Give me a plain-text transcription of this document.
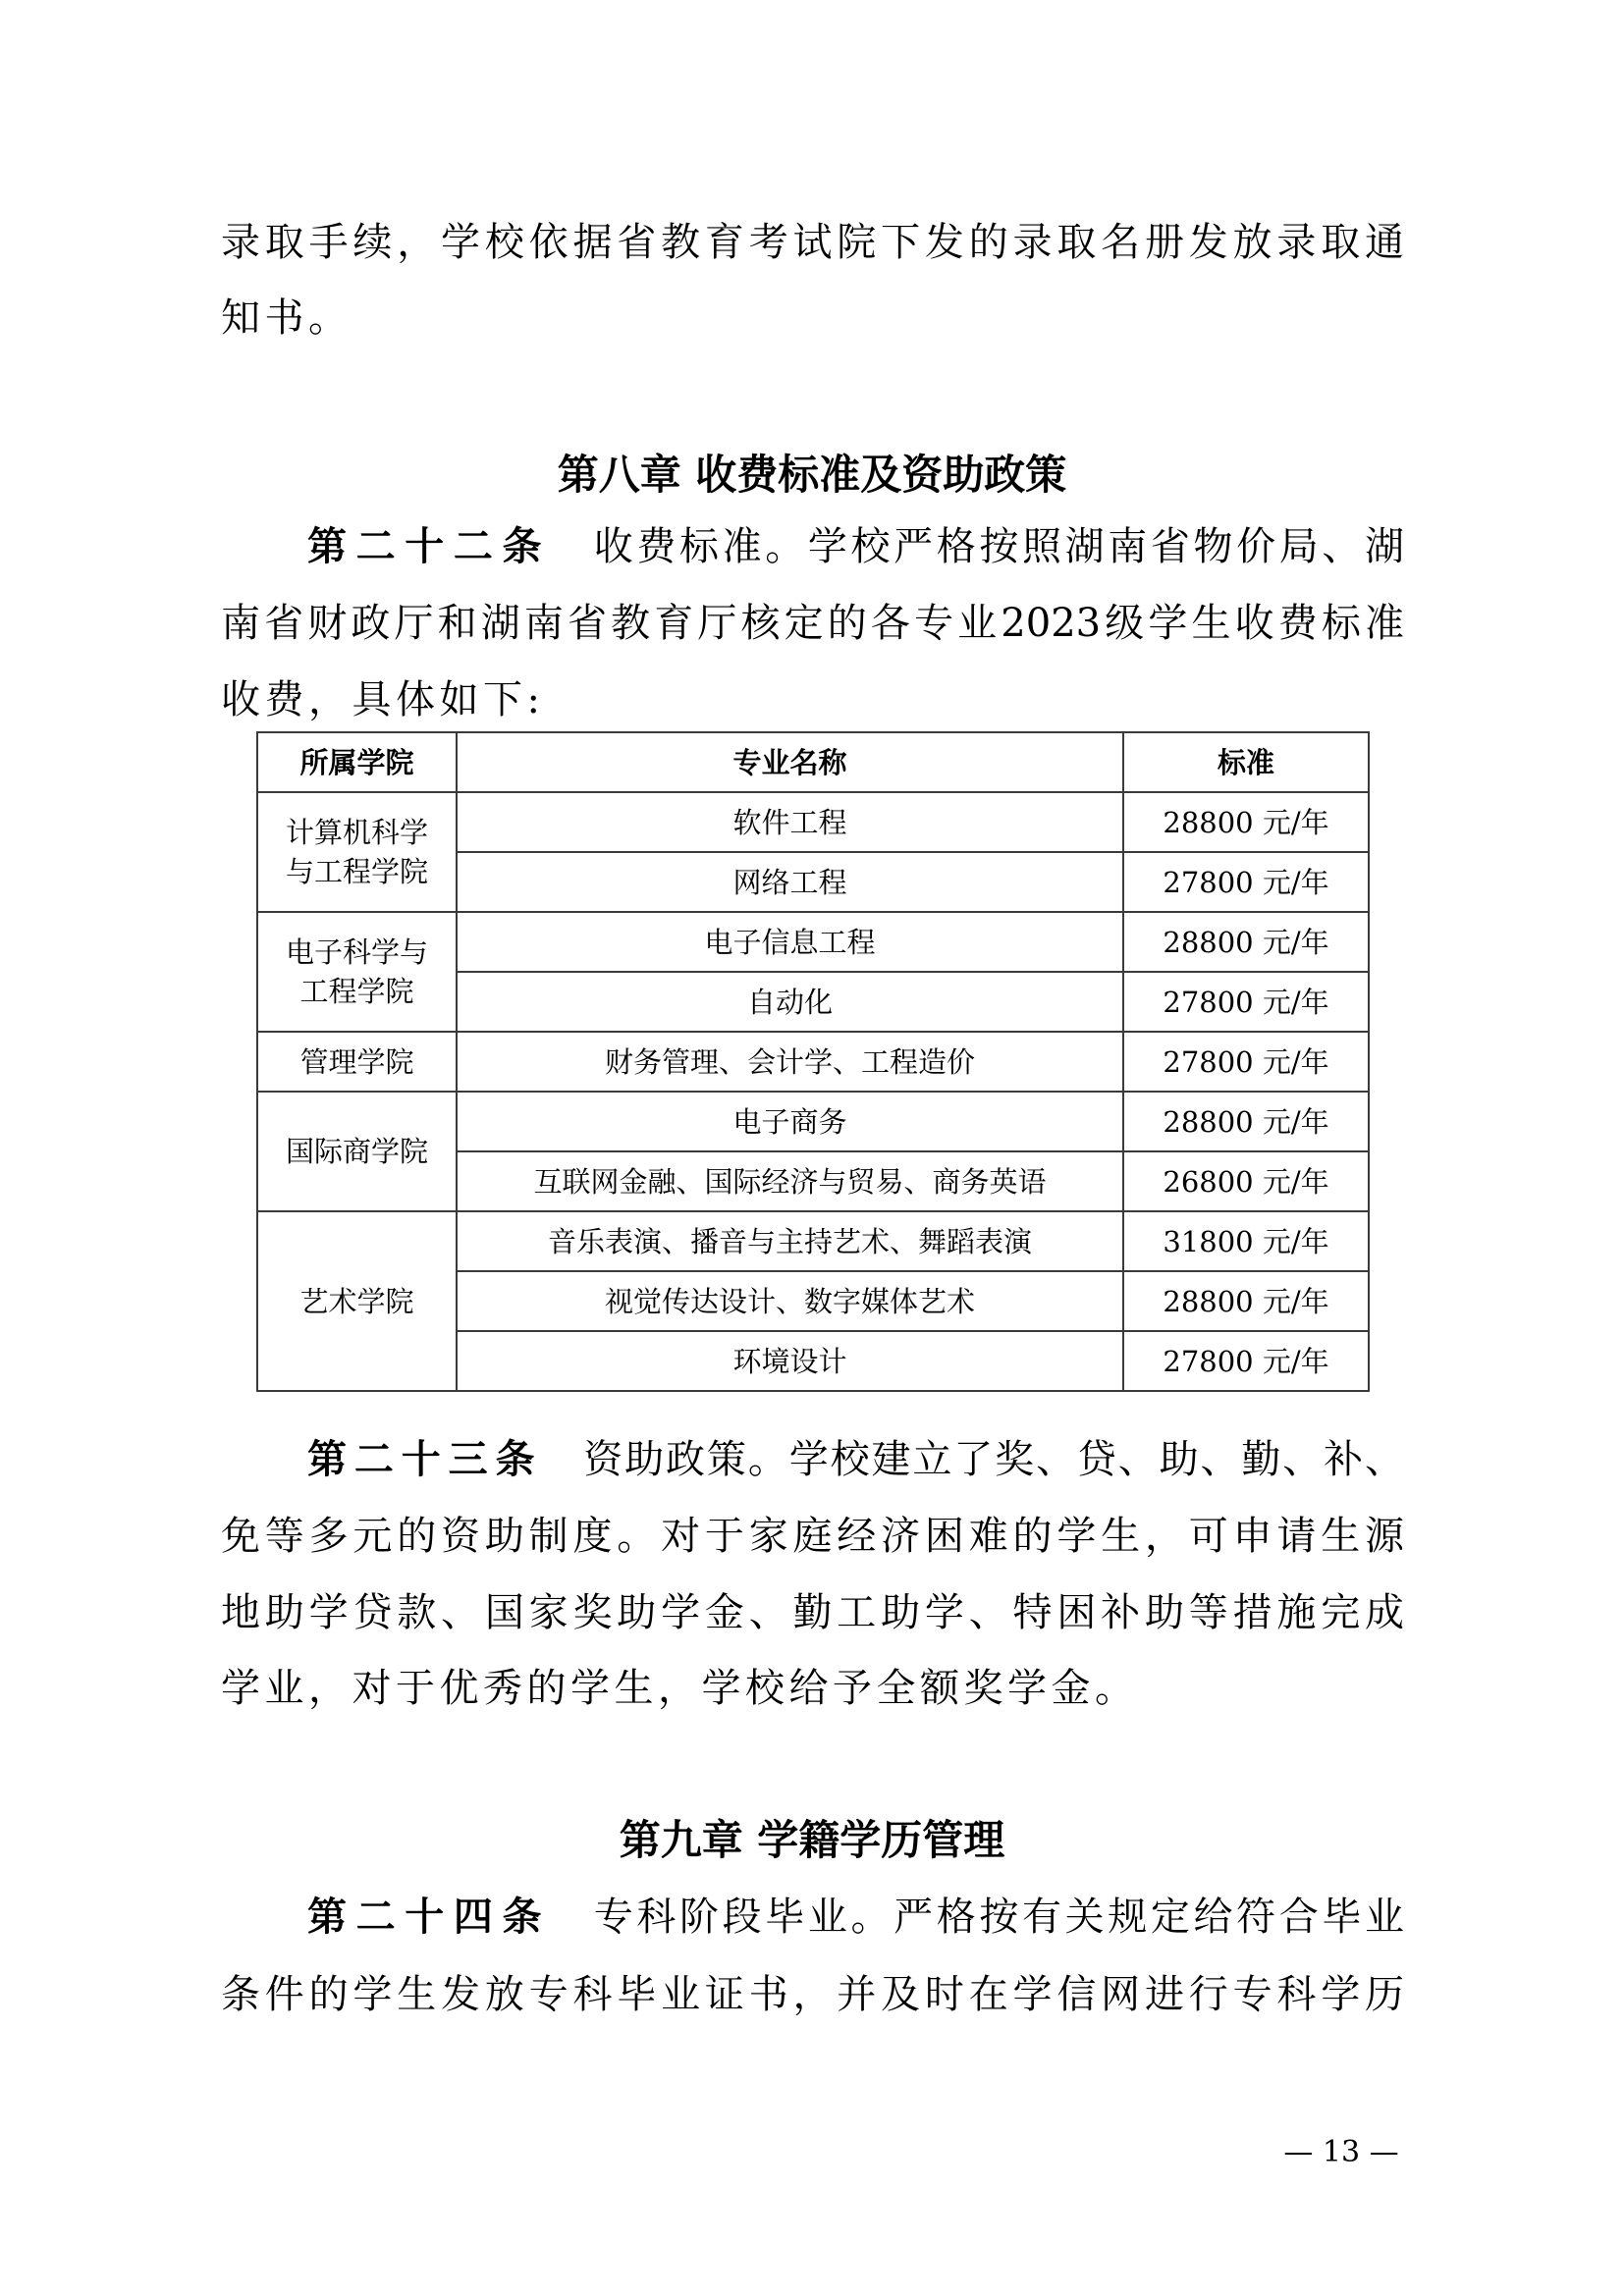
录取手续，学校依据省教育考试院下发的录取名册发放录取通
知书。
第八章 收费标准及资助政策
第二十二条　 收费标准。学校严格按照湖南省物价局、湖
南省财政厅和湖南省教育厅核定的各专业2023级学生收费标准
收费，具体如下:
所属学院	专业名称	标准

计算机科学
与工程学院	软件工程	28800 元/年
	网络工程	27800 元/年

电子科学与
工程学院	电子信息工程	28800 元/年
	自动化	27800 元/年
管理学院	财务管理、会计学、工程造价	27800 元/年
国际商学院	电子商务	28800 元/年
	互联网金融、国际经济与贸易、商务英语	26800 元/年
艺术学院	音乐表演、播音与主持艺术、舞蹈表演	31800 元/年
	视觉传达设计、数字媒体艺术	28800 元/年
	环境设计	27800 元/年
第二十三条　 资助政策。学校建立了奖、贷、助、勤、补、
免等多元的资助制度。对于家庭经济困难的学生，可申请生源
地助学贷款、国家奖助学金、勤工助学、特困补助等措施完成
学业，对于优秀的学生，学校给予全额奖学金。
第九章 学籍学历管理
第二十四条　 专科阶段毕业。严格按有关规定给符合毕业
条件的学生发放专科毕业证书，并及时在学信网进行专科学历
— 13 —
